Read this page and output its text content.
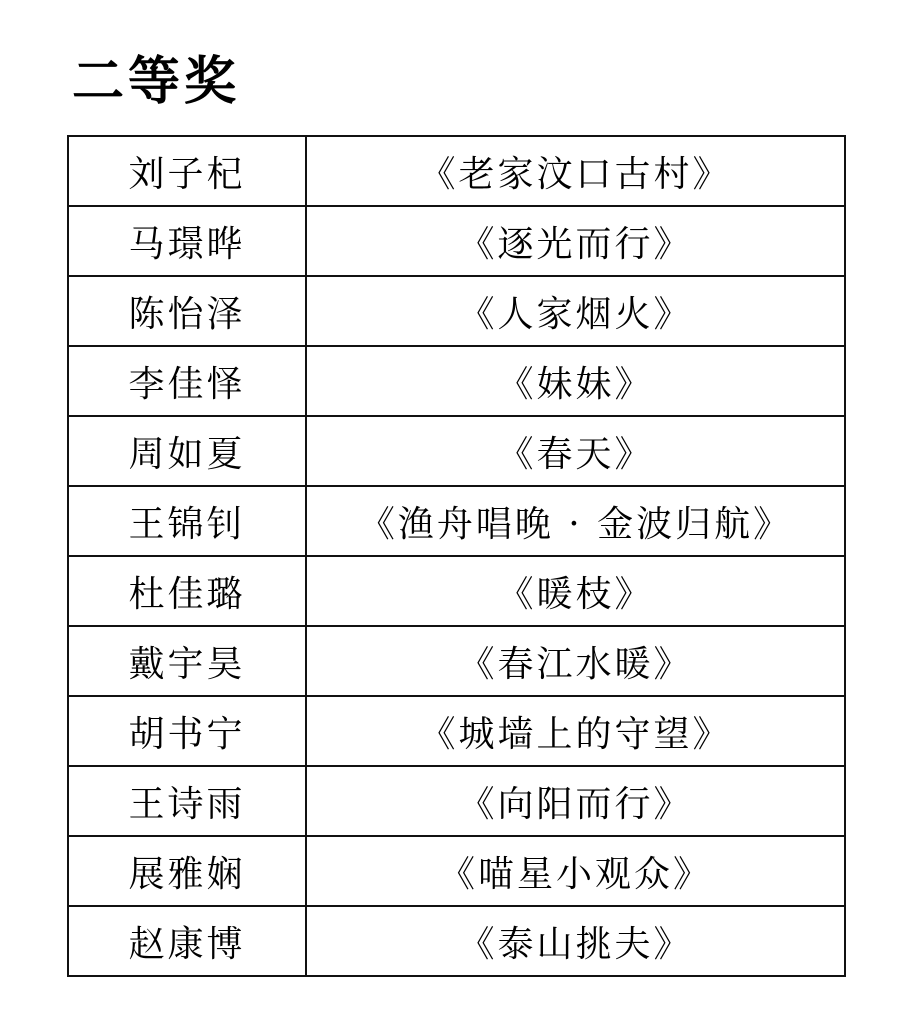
二等奖
刘子杞	《老家汶口古村》
马璟晔	《逐光而行》
陈怡泽	《人家烟火》
李佳怿	《妹妹》
周如夏	《春天》
王锦钊	《渔舟唱晚 · 金波归航》
杜佳璐	《暖枝》
戴宇昊	《春江水暖》
胡书宁	《城墙上的守望》
王诗雨	《向阳而行》
展雅娴	《喵星小观众》
赵康博	《泰山挑夫》
